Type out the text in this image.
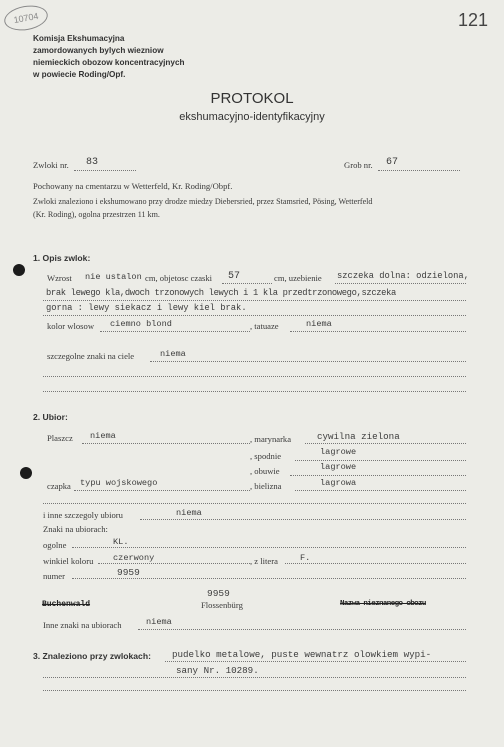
10704	121
Komisja Ekshumacyjna
zamordowanych bylych wiezniow
niemieckich obozow koncentracyjnych
w powiecie Roding/Opf.
PROTOKOL
ekshumacyjno-identyfikacyjny
Zwloki nr. 83	Grob nr. 67
Pochowany na cmentarzu w Wetterfeld, Kr. Roding/Obpf.
Zwloki znaleziono i ekshumowano przy drodze miedzy Diebersried, przez Stamsried, Pösing, Wetterfeld
(Kr. Roding), ogolna przestrzen 11 km.
1. Opis zwlok:
Wzrost nie ustalon cm, objetosc czaski 57	cm, uzebienie szczeka dolna: odzielona,
brak lewego kla,dwoch trzonowych lewych i 1 kla przedtrzonowego,szczeka
gorna : lewy siekacz i lewy kiel brak.
kolor wlosow ciemno blond	, tatuaze	niema
szczegolne znaki na ciele	niema
2. Ubior:
Plaszcz niema	, marynarka	cywilna zielona
, spodnie	lagrowe
, obuwie	lagrowe
czapka typu wojskowego	, bielizna	lagrowa
i inne szczegoly ubioru	niema
Znaki na ubiorach:
ogolne	KL.
winkiel koloru czerwony	, z litera	F.
numer	9959
9959
Flossenbürg
Buchenwald	Nazwa nieznanego obozu
Inne znaki na ubiorach	niema
3. Znaleziono przy zwlokach: pudelko metalowe, puste wewnatrz olowkiem wypi-
sany Nr. 10289.
